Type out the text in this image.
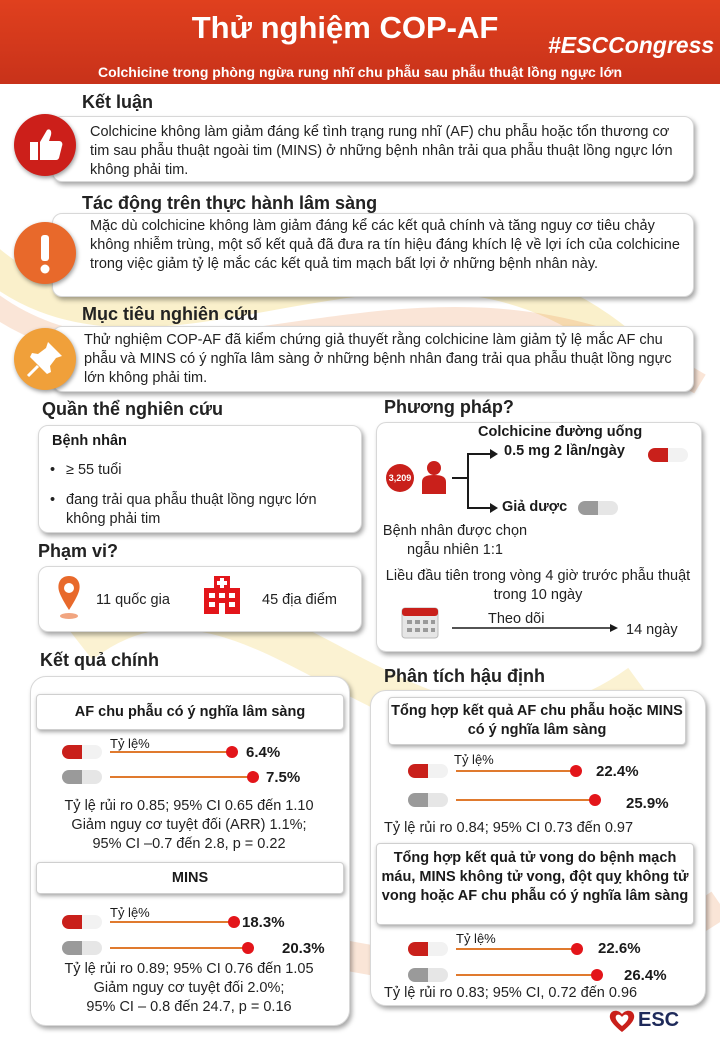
Thử nghiệm COP-AF	#ESCCongress
Colchicine trong phòng ngừa rung nhĩ chu phẫu sau phẫu thuật lồng ngực lớn
Kết luận
Colchicine không làm giảm đáng kể tình trạng rung nhĩ (AF) chu phẫu hoặc tổn thương cơ tim sau phẫu thuật ngoài tim (MINS) ở những bệnh nhân trải qua phẫu thuật lồng ngực lớn không phải tim.
Tác động trên thực hành lâm sàng
Mặc dù colchicine không làm giảm đáng kể các kết quả chính và tăng nguy cơ tiêu chảy không nhiễm trùng, một số kết quả đã đưa ra tín hiệu đáng khích lệ về lợi ích của colchicine trong việc giảm tỷ lệ mắc các kết quả tim mạch bất lợi ở những bệnh nhân này.
Mục tiêu nghiên cứu
Thử nghiệm COP-AF đã kiểm chứng giả thuyết rằng colchicine làm giảm tỷ lệ mắc AF chu phẫu và MINS có ý nghĩa lâm sàng ở những bệnh nhân đang trải qua phẫu thuật lồng ngực lớn không phải tim.
Quần thể nghiên cứu
Bệnh nhân
• ≥ 55 tuổi
• đang trải qua phẫu thuật lồng ngực lớn không phải tim
Phạm vi?
11 quốc gia	45 địa điểm
Phương pháp?
3,209
Colchicine đường uống
0.5 mg 2 lần/ngày
Giả dược
Bệnh nhân được chọn ngẫu nhiên 1:1
Liều đầu tiên trong vòng 4 giờ trước phẫu thuật trong 10 ngày
Theo dõi
14 ngày
Kết quả chính
AF chu phẫu có ý nghĩa lâm sàng
Tỷ lệ%
6.4%
7.5%
Tỷ lệ rủi ro 0.85; 95% CI 0.65 đến 1.10
Giảm nguy cơ tuyệt đối (ARR) 1.1%;
95% CI –0.7 đến 2.8, p = 0.22
MINS
Tỷ lệ%
18.3%
20.3%
Tỷ lệ rủi ro 0.89; 95% CI 0.76 đến 1.05
Giảm nguy cơ tuyệt đối 2.0%;
95% CI – 0.8 đến 24.7, p = 0.16
Phân tích hậu định
Tổng hợp kết quả AF chu phẫu hoặc MINS có ý nghĩa lâm sàng
Tỷ lệ%
22.4%
25.9%
Tỷ lệ rủi ro 0.84; 95% CI 0.73 đến 0.97
Tổng hợp kết quả tử vong do bệnh mạch máu, MINS không tử vong, đột quỵ không tử vong hoặc AF chu phẫu có ý nghĩa lâm sàng
Tỷ lệ%
22.6%
26.4%
Tỷ lệ rủi ro 0.83; 95% CI, 0.72 đến 0.96
ESC
